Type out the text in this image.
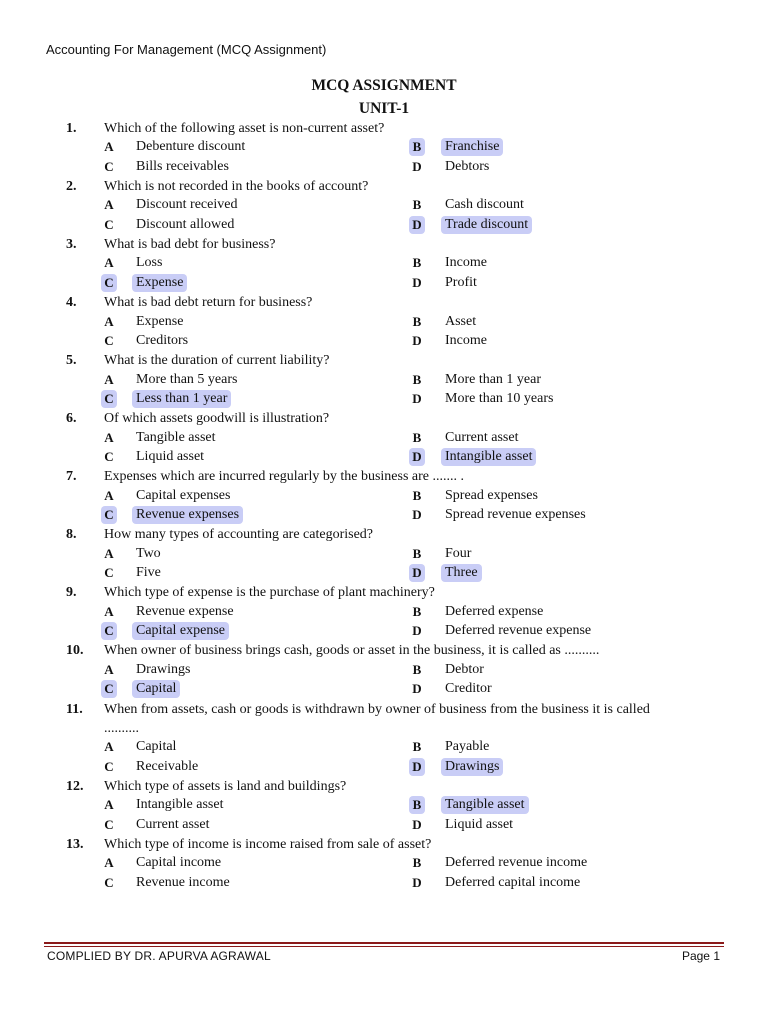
Accounting For Management (MCQ Assignment)
MCQ ASSIGNMENT
UNIT-1
1. Which of the following asset is non-current asset?
A Debenture discount	B Franchise
C Bills receivables	D Debtors
2. Which is not recorded in the books of account?
A Discount received	B Cash discount
C Discount allowed	D Trade discount
3. What is bad debt for business?
A Loss	B Income
C Expense	D Profit
4. What is bad debt return for business?
A Expense	B Asset
C Creditors	D Income
5. What is the duration of current liability?
A More than 5 years	B More than 1 year
C Less than 1 year	D More than 10 years
6. Of which assets goodwill is illustration?
A Tangible asset	B Current asset
C Liquid asset	D Intangible asset
7. Expenses which are incurred regularly by the business are ....... .
A Capital expenses	B Spread expenses
C Revenue expenses	D Spread revenue expenses
8. How many types of accounting are categorised?
A Two	B Four
C Five	D Three
9. Which type of expense is the purchase of plant machinery?
A Revenue expense	B Deferred expense
C Capital expense	D Deferred revenue expense
10. When owner of business brings cash, goods or asset in the business, it is called as ..........
A Drawings	B Debtor
C Capital	D Creditor
11. When from assets, cash or goods is withdrawn by owner of business from the business it is called
..........
A Capital	B Payable
C Receivable	D Drawings
12. Which type of assets is land and buildings?
A Intangible asset	B Tangible asset
C Current asset	D Liquid asset
13. Which type of income is income raised from sale of asset?
A Capital income	B Deferred revenue income
C Revenue income	D Deferred capital income
COMPLIED BY DR. APURVA AGRAWAL	Page 1
